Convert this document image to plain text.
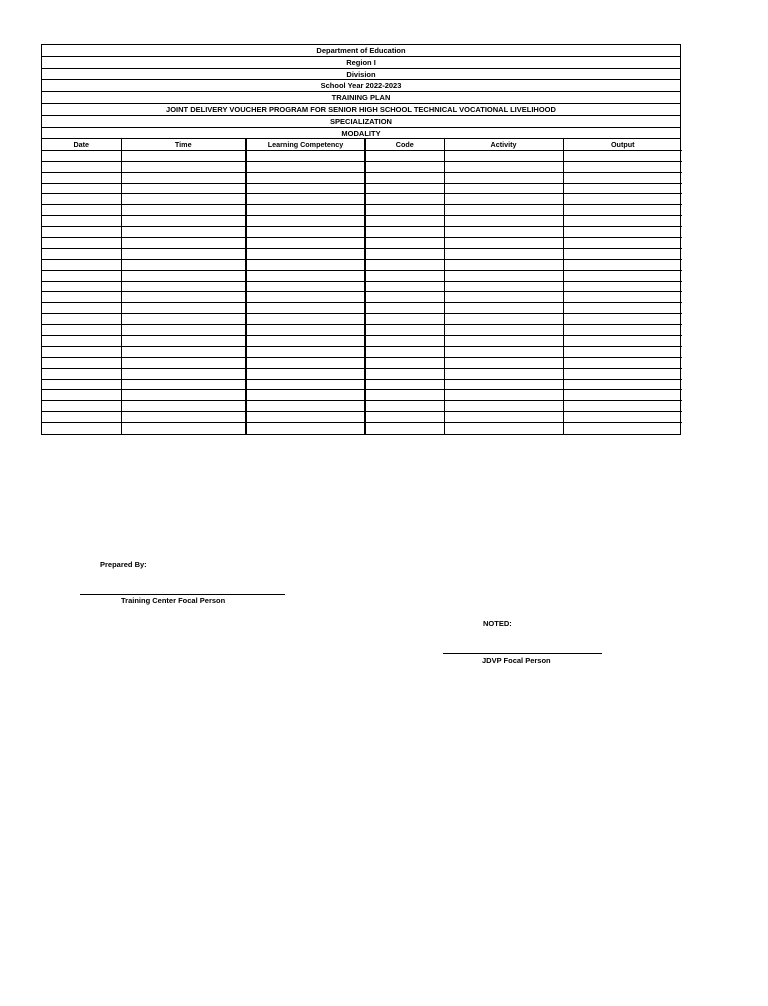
Department of Education
Region I
Division
School Year 2022-2023
TRAINING PLAN
JOINT DELIVERY VOUCHER PROGRAM FOR SENIOR HIGH SCHOOL TECHNICAL VOCATIONAL LIVELIHOOD
SPECIALIZATION
MODALITY
Date	Time	Learning Competency	Code	Activity	Output

Prepared By:
Training Center Focal Person
NOTED:
JDVP Focal Person
